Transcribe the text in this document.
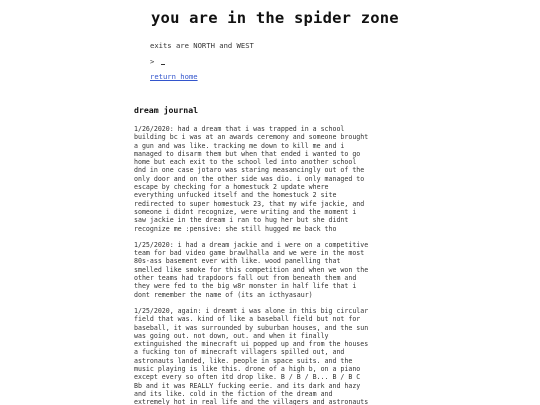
you are in the spider zone
exits are NORTH and WEST
>
return home
dream journal

1/26/2020: had a dream that i was trapped in a school
building bc i was at an awards ceremony and someone brought
a gun and was like. tracking me down to kill me and i
managed to disarm them but when that ended i wanted to go
home but each exit to the school led into another school
dnd in one case jotaro was staring measancingly out of the
only door and on the other side was dio. i only managed to
escape by checking for a homestuck 2 update where
everything unfucked itself and the homestuck 2 site
redirected to super homestuck 23, that my wife jackie, and
someone i didnt recognize, were writing and the moment i
saw jackie in the dream i ran to hug her but she didnt
recognize me :pensive: she still hugged me back tho

1/25/2020: i had a dream jackie and i were on a competitive
team for bad video game brawlhalla and we were in the most
80s-ass basement ever with like. wood panelling that
smelled like smoke for this competition and when we won the
other teams had trapdoors fall out from beneath them and
they were fed to the big w8r monster in half life that i
dont remember the name of (its an icthyasaur)

1/25/2020, again: i dreamt i was alone in this big circular
field that was. kind of like a baseball field but not for
baseball, it was surrounded by suburban houses, and the sun
was going out. not down, out. and when it finally
extinguished the minecraft ui popped up and from the houses
a fucking ton of minecraft villagers spilled out, and
astronauts landed, like. people in space suits. and the
music playing is like this. drone of a high b, on a piano
except every so often itd drop like. B / B / B... B / B C
Bb and it was REALLY fucking eerie. and its dark and hazy
and its like. cold in the fiction of the dream and
extremely hot in real life and the villagers and astronauts
